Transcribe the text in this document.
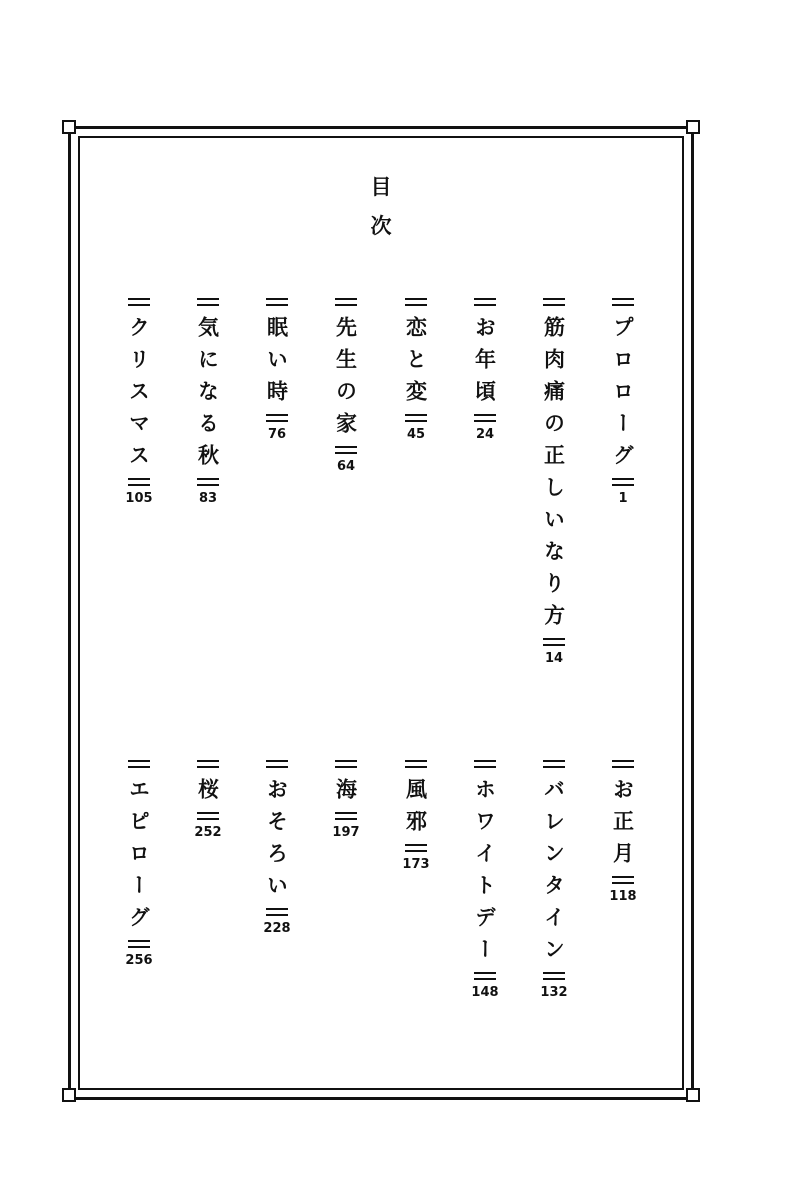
目
次
プロローグ
1
筋肉痛の正しいなり方
14
お年頃
24
恋と変
45
先生の家
64
眠い時
76
気になる秋
83
クリスマス
105
お正月
118
バレンタイン
132
ホワイトデー
148
風邪
173
海
197
おそろい
228
桜
252
エピローグ
256
